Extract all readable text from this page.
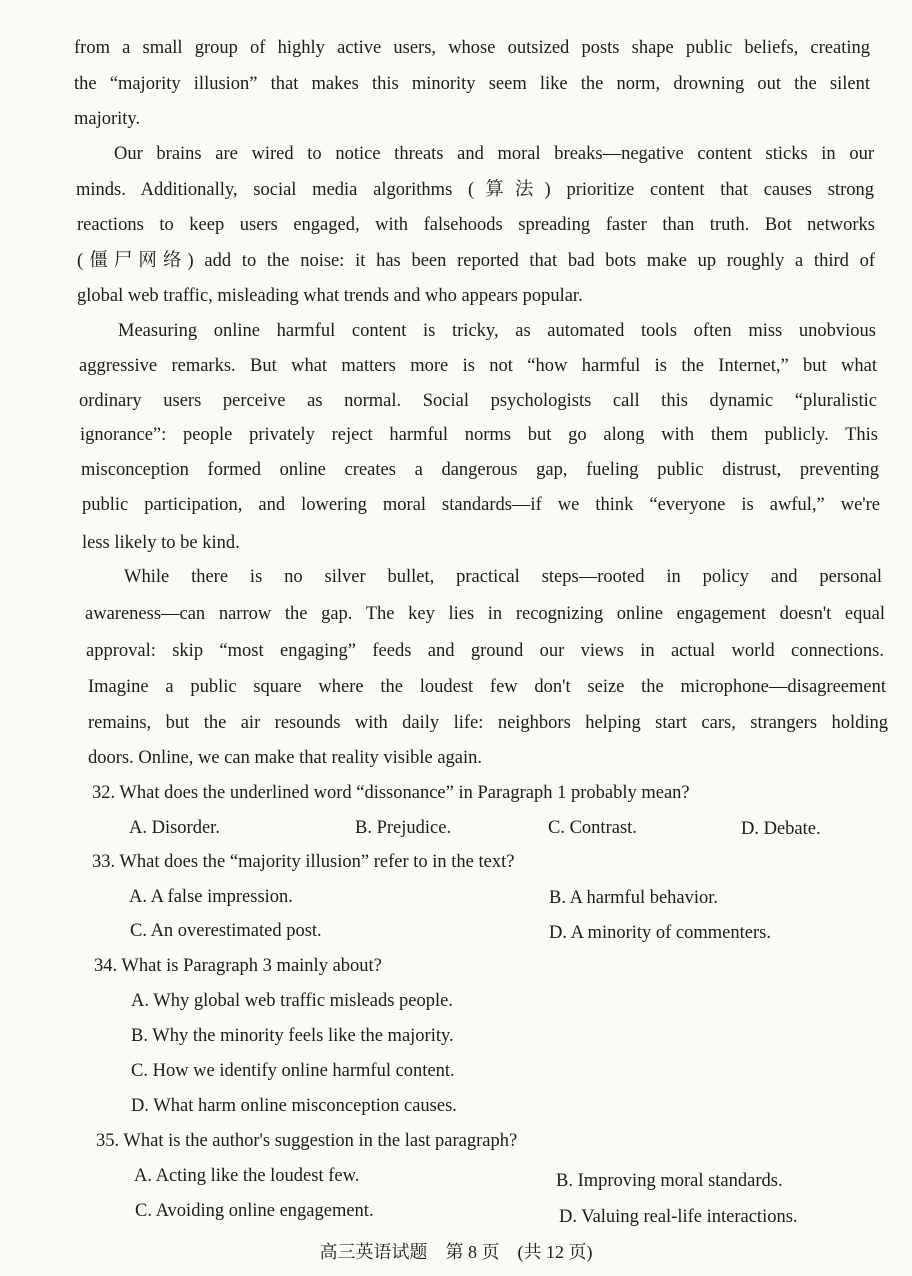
from a small group of highly active users, whose outsized posts shape public beliefs, creating
the “majority illusion” that makes this minority seem like the norm, drowning out the silent
majority.
Our brains are wired to notice threats and moral breaks—negative content sticks in our
minds. Additionally, social media algorithms (算法) prioritize content that causes strong
reactions to keep users engaged, with falsehoods spreading faster than truth. Bot networks
(僵尸网络) add to the noise: it has been reported that bad bots make up roughly a third of
global web traffic, misleading what trends and who appears popular.
Measuring online harmful content is tricky, as automated tools often miss unobvious
aggressive remarks. But what matters more is not “how harmful is the Internet,” but what
ordinary users perceive as normal. Social psychologists call this dynamic “pluralistic
ignorance”: people privately reject harmful norms but go along with them publicly. This
misconception formed online creates a dangerous gap, fueling public distrust, preventing
public participation, and lowering moral standards—if we think “everyone is awful,” we're
less likely to be kind.
While there is no silver bullet, practical steps—rooted in policy and personal
awareness—can narrow the gap. The key lies in recognizing online engagement doesn't equal
approval: skip “most engaging” feeds and ground our views in actual world connections.
Imagine a public square where the loudest few don't seize the microphone—disagreement
remains, but the air resounds with daily life: neighbors helping start cars, strangers holding
doors. Online, we can make that reality visible again.
32. What does the underlined word “dissonance” in Paragraph 1 probably mean?
A. Disorder.	B. Prejudice.	C. Contrast.	D. Debate.
33. What does the “majority illusion” refer to in the text?
A. A false impression.	B. A harmful behavior.
C. An overestimated post.	D. A minority of commenters.
34. What is Paragraph 3 mainly about?
A. Why global web traffic misleads people.
B. Why the minority feels like the majority.
C. How we identify online harmful content.
D. What harm online misconception causes.
35. What is the author's suggestion in the last paragraph?
A. Acting like the loudest few.	B. Improving moral standards.
C. Avoiding online engagement.	D. Valuing real-life interactions.
高三英语试题　第 8 页　(共 12 页)
